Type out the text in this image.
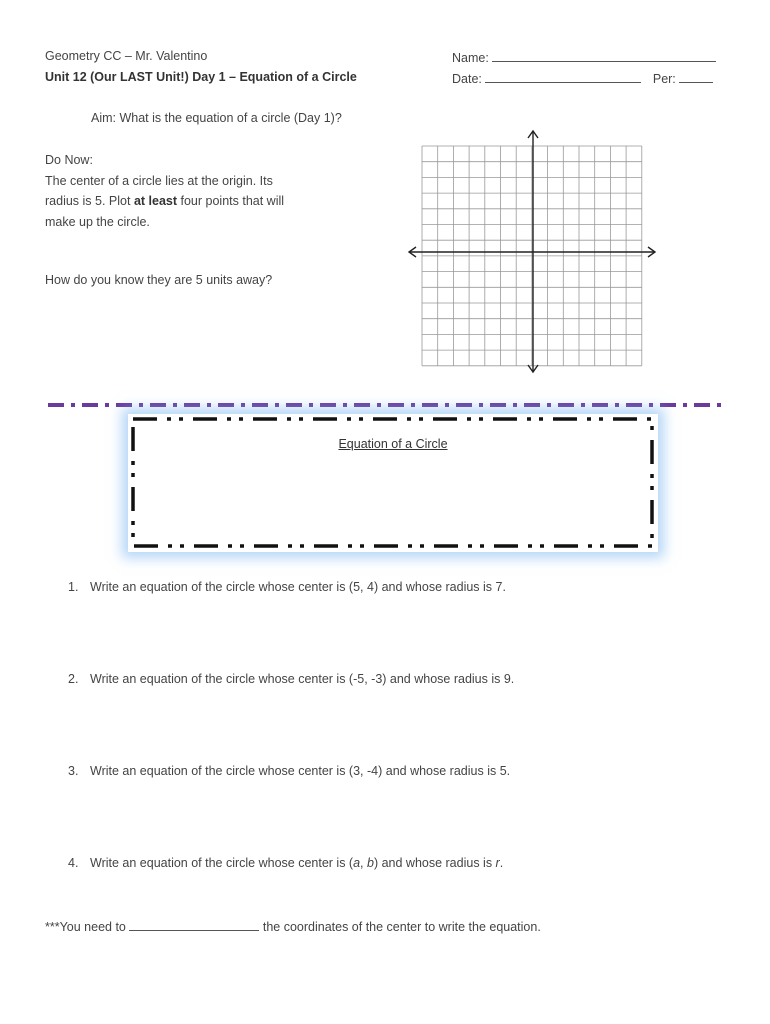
Geometry CC – Mr. Valentino
Unit 12 (Our LAST Unit!) Day 1 – Equation of a Circle
Name:
Date:	Per:
Aim: What is the equation of a circle (Day 1)?
Do Now:
The center of a circle lies at the origin. Its
radius is 5. Plot at least four points that will
make up the circle.
How do you know they are 5 units away?
Equation of a Circle
1. Write an equation of the circle whose center is (5, 4) and whose radius is 7.
2. Write an equation of the circle whose center is (-5, -3) and whose radius is 9.
3. Write an equation of the circle whose center is (3, -4) and whose radius is 5.
4. Write an equation of the circle whose center is (a, b) and whose radius is r.
***You need to	the coordinates of the center to write the equation.
